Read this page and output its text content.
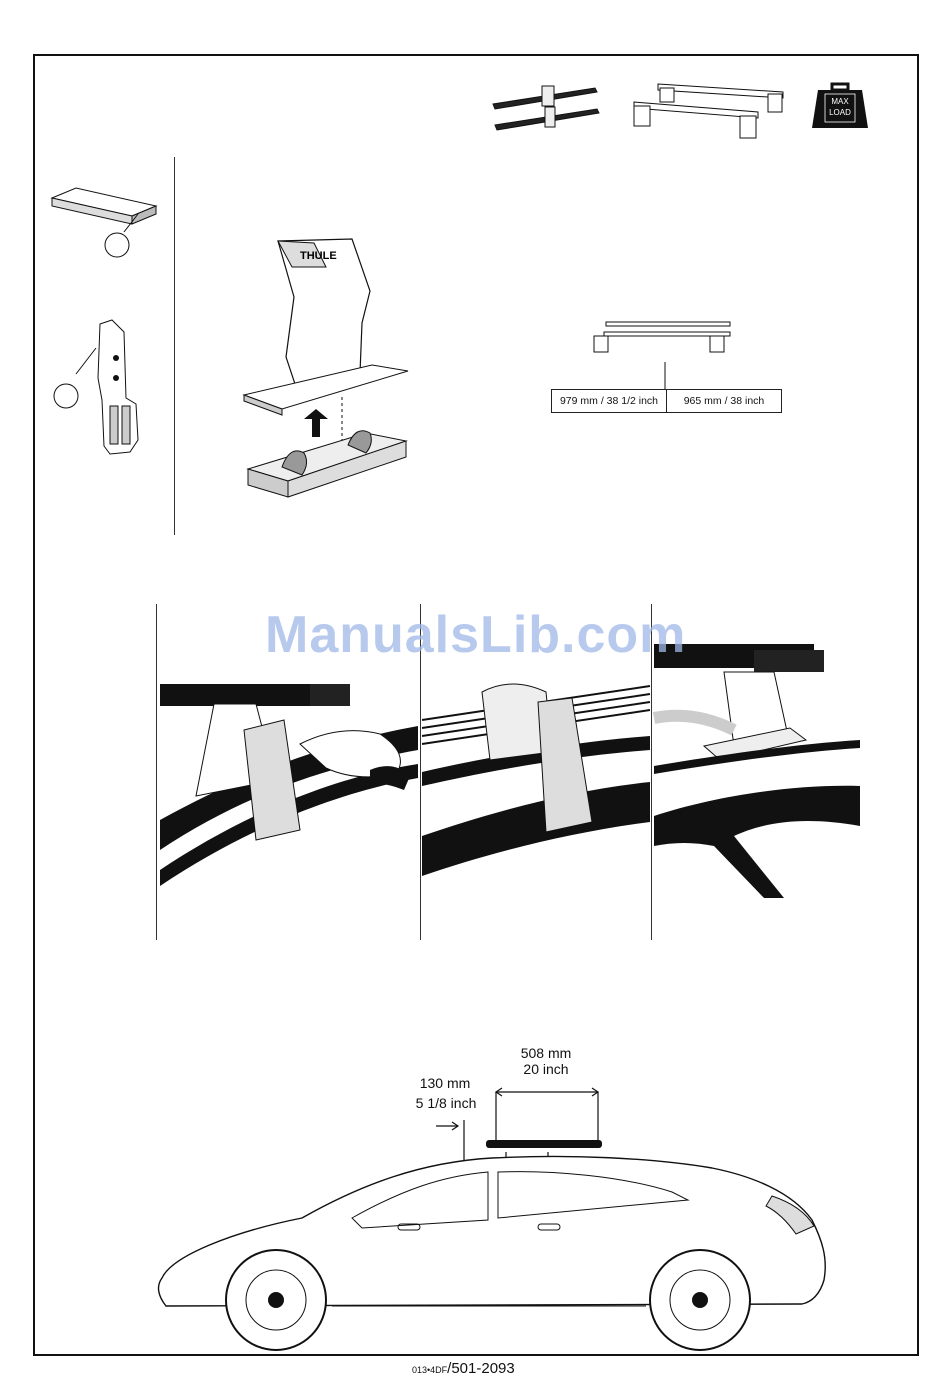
MAX
LOAD
THULE
979 mm / 38 1/2 inch	965 mm / 38 inch
ManualsLib.com
508 mm
20 inch
130 mm
5 1/8 inch
013•4DF/501-2093
